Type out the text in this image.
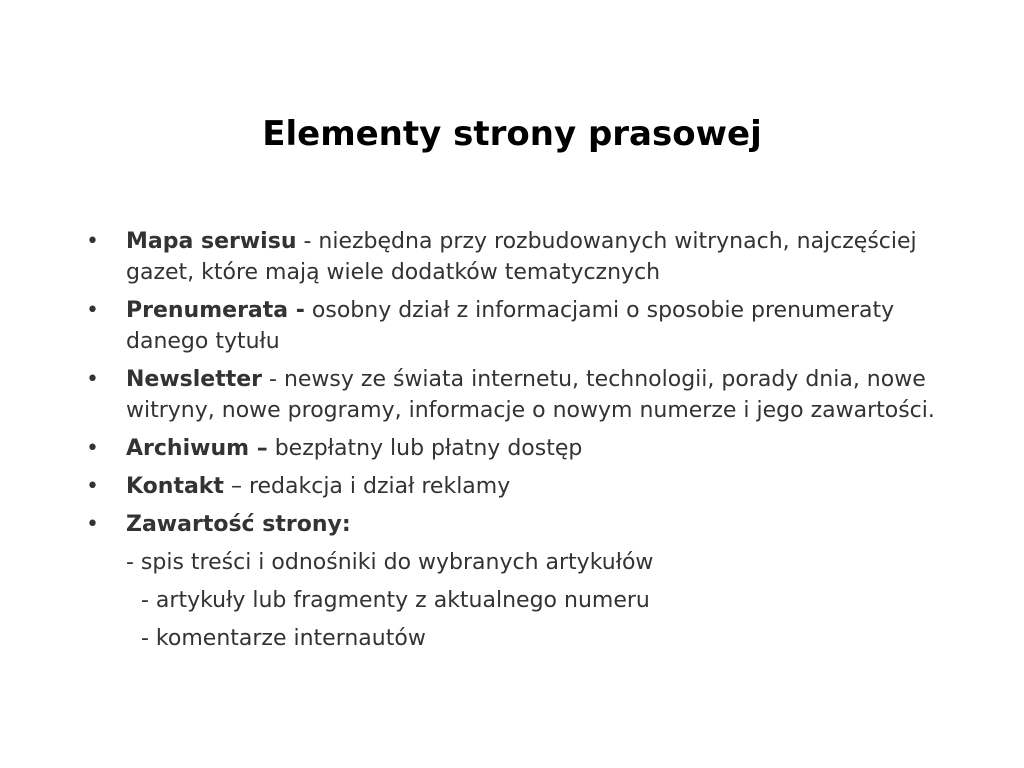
Elementy strony prasowej
•	Mapa serwisu - niezbędna przy rozbudowanych witrynach, najczęściej gazet, które mają wiele dodatków tematycznych
•	Prenumerata - osobny dział z informacjami o sposobie prenumeraty danego tytułu
•	Newsletter - newsy ze świata internetu, technologii, porady dnia, nowe witryny, nowe programy, informacje o nowym numerze i jego zawartości.
•	Archiwum – bezpłatny lub płatny dostęp
•	Kontakt – redakcja i dział reklamy
•	Zawartość strony:
- spis treści i odnośniki do wybranych artykułów
- artykuły lub fragmenty z aktualnego numeru
- komentarze internautów
